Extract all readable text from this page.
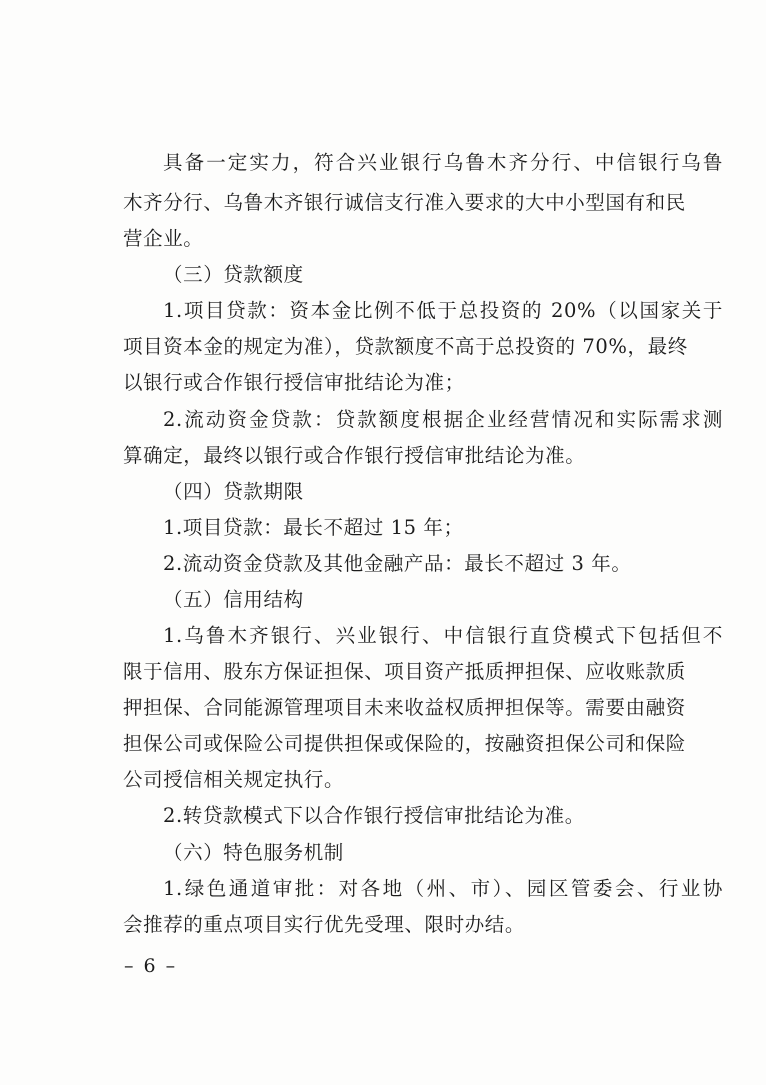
具备一定实力，符合兴业银行乌鲁木齐分行、中信银行乌鲁
木齐分行、乌鲁木齐银行诚信支行准入要求的大中小型国有和民
营企业。
（三）贷款额度
1.项目贷款：资本金比例不低于总投资的 20%（以国家关于
项目资本金的规定为准），贷款额度不高于总投资的 70%，最终
以银行或合作银行授信审批结论为准；
2.流动资金贷款：贷款额度根据企业经营情况和实际需求测
算确定，最终以银行或合作银行授信审批结论为准。
（四）贷款期限
1.项目贷款：最长不超过 15 年；
2.流动资金贷款及其他金融产品：最长不超过 3 年。
（五）信用结构
1.乌鲁木齐银行、兴业银行、中信银行直贷模式下包括但不
限于信用、股东方保证担保、项目资产抵质押担保、应收账款质
押担保、合同能源管理项目未来收益权质押担保等。需要由融资
担保公司或保险公司提供担保或保险的，按融资担保公司和保险
公司授信相关规定执行。
2.转贷款模式下以合作银行授信审批结论为准。
（六）特色服务机制
1.绿色通道审批：对各地（州、市）、园区管委会、行业协
会推荐的重点项目实行优先受理、限时办结。
– 6 –
